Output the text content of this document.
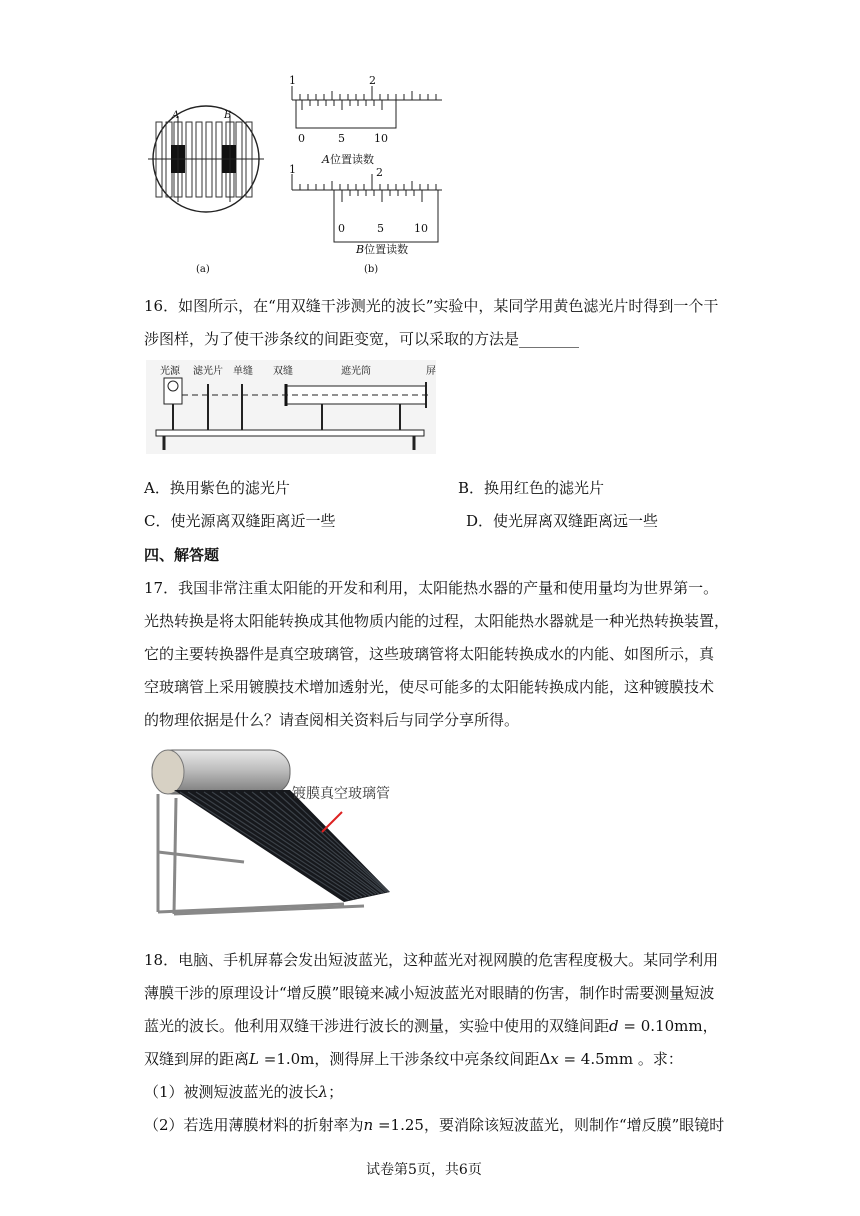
A	B
(a)
1	2
0	5	10
A位置读数
1	2
0	5	10
B位置读数
(b)

16．如图所示，在“用双缝干涉测光的波长”实验中，某同学用黄色滤光片时得到一个干

涉图样，为了使干涉条纹的间距变宽，可以采取的方法是________

光源 滤光片 单缝 双缝	遮光筒	屏
A．换用紫色的滤光片	B．换用红色的滤光片
C．使光源离双缝距离近一些	D．使光屏离双缝距离远一些
四、解答题

17．我国非常注重太阳能的开发和利用，太阳能热水器的产量和使用量均为世界第一。

光热转换是将太阳能转换成其他物质内能的过程，太阳能热水器就是一种光热转换装置，

它的主要转换器件是真空玻璃管，这些玻璃管将太阳能转换成水的内能、如图所示，真

空玻璃管上采用镀膜技术增加透射光，使尽可能多的太阳能转换成内能，这种镀膜技术

的物理依据是什么？请查阅相关资料后与同学分享所得。

镀膜真空玻璃管

18．电脑、手机屏幕会发出短波蓝光，这种蓝光对视网膜的危害程度极大。某同学利用

薄膜干涉的原理设计“增反膜”眼镜来减小短波蓝光对眼睛的伤害，制作时需要测量短波

蓝光的波长。他利用双缝干涉进行波长的测量，实验中使用的双缝间距d = 0.10mm，

双缝到屏的距离L =1.0m，测得屏上干涉条纹中亮条纹间距Δx = 4.5mm 。求：

（1）被测短波蓝光的波长λ；

（2）若选用薄膜材料的折射率为n =1.25，要消除该短波蓝光，则制作“增反膜”眼镜时

试卷第5页，共6页
